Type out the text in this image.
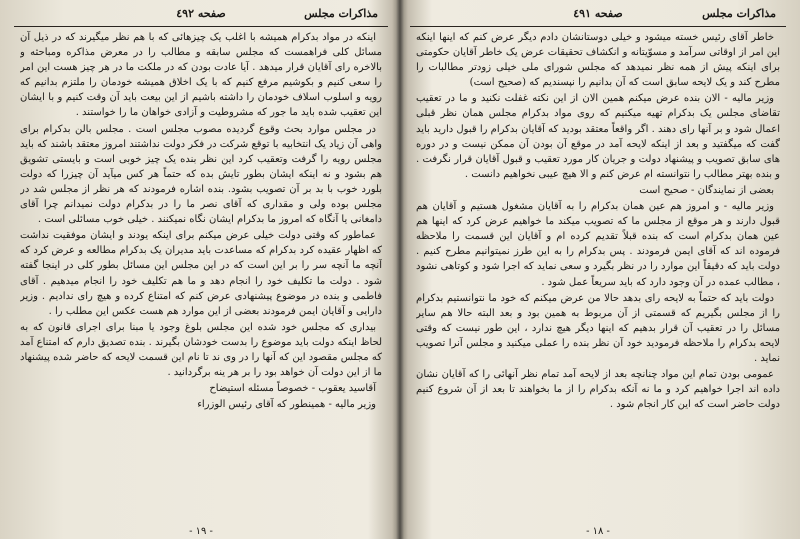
مذاکرات مجلس
صفحه ٤٩٢

اینکه در مواد بدکرام همیشه با اغلب یک چیزهائی که با هم نظر میگیرند که در ذیل آن مسائل کلی فراهمست که مجلس سابقه و مطالب را در معرض مذاکره ومباحثه و بالاخره رای آقایان قرار میدهد . آیا عادت بودن که در ملکت ما در هر چیز هست این امر را سعی کنیم و بکوشیم مرفع کنیم که با یک اخلاق همیشه خودمان را ملتزم بدانیم که رویه و اسلوب اسلاف خودمان را داشته باشیم از این بیعت باید آن وقت کنیم و با ایشان این تعقیب شده باید ما جور که مشروطیت و آزادی خواهان ما را خواستند .

در مجلس موارد بحث وقوع گردیده مصوب مجلس است . مجلس بالن بدکرام برای واهی آن زیاد یک انتخابیه با توقع شرکت در فکر دولت نداشتند امروز معتقد باشند که باید مجلس رویه را گرفت وتعقیب کرد این نظر بنده یک چیز خوبی است و بایستی تشویق هم بشود و نه اینکه ایشان بطور تایش بده که حتماً هر کس میآید آن چیزرا که دولت بلورد خوب با بد بر آن تصویب بشود. بنده اشاره فرمودند که هر نظر از مجلس شد در مجلس بوده ولی و مقداری که آقای نصر ما را در بدکرام دولت نمیدانم چرا آقای دامغانی یا آنگاه که امروز ما بدکرام ایشان نگاه نمیکنند . خیلی خوب مسائلی است .

عماطور که وقتی دولت خیلی عرض میکنم برای اینکه یودند و ایشان موفقیت نداشت که اظهار عقیده کرد بدکرام که مساعدت باید مدیران یک بدکرام مطالعه و عرض کرد که آنچه ما آنچه سر را بر این است که در این مجلس این مسائل بطور کلی در اینجا گفته شود . دولت ما تکلیف خود را انجام دهد و ما هم تکلیف خود را انجام میدهیم . آقای فاطمی و بنده در موضوع پیشنهادی عرض کنم که امتناع کرده و هیچ رای ندادیم . وزیر دارایی و آقایان ایمن فرمودند بعضی از این موارد هم هست عکس این مطلب را .

بیداری که مجلس خود شده این مجلس بلوغ وجود یا مبنا برای اجرای قانون که به لحاظ اینکه دولت باید موضوع را بدست خودشان بگیرند . بنده تصدیق دارم که امتناع آمد که مجلس مقصود این که آنها را در وی ند تا نام این قسمت لایحه که حاضر شده پیشنهاد ما از این دولت آن خواهد بود را بر هر ینه برگردانید .

آقاسید یعقوب - خصوصاً مسئله استیضاح

وزیر مالیه - همینطور که آقای رئیس الوزراء

- ١٩ -
مذاکرات مجلس
صفحه ٤٩١

خاطر آقای رئیس خسته میشود و خیلی دوستانشان دادم دیگر عرض کنم که اینها اینکه این امر از اوقاتی سرآمد و مسوّیتانه و انکشاف تحقیقات عرض یک خاطر آقایان حکومتی برای اینکه پیش از همه نظر نمیدهد که مجلس شورای ملی خیلی زودتر مطالبات را مطرح کند و یک لایحه سابق است که آن بدانیم را نپسندیم که (صحیح است)

وزیر مالیه - الان بنده عرض میکنم همین الان از این نکته غفلت نکنید و ما در تعقیب تقاضای مجلس یک بدکرام تهیه میکنیم که روی مواد بدکرام مجلس همان نظر قبلی اعمال شود و بر آنها رای دهند . اگر واقعاً معتقد بودید که آقایان بدکرام را قبول دارید باید گفت که میگفتید و بعد از اینکه لایحه آمد در موقع آن بودن آن ممکن نیست و در دوره های سابق تصویب و پیشنهاد دولت و جریان کار مورد تعقیب و قبول آقایان قرار نگرفت . و بنده بهتر مطالب را نتوانسته ام عرض کنم و الا هیچ عیبی نخواهیم دانست .

بعضی از نمایندگان - صحیح است

وزیر مالیه - و امروز هم عین همان بدکرام را به آقایان مشغول هستیم و آقایان هم قبول دارند و هر موقع از مجلس ما که تصویب میکند ما خواهیم عرض کرد که اینها هم عین همان بدکرام است که بنده قبلاً تقدیم کرده ام و آقایان این قسمت را ملاحظه فرموده اند که آقای ایمن فرمودند . پس بدکرام را به این طرز نمیتوانیم مطرح کنیم . دولت باید که دقیقاً این موارد را در نظر بگیرد و سعی نماید که اجرا شود و کوتاهی نشود ، مطالب عمده در آن وجود دارد که باید سریعاً عمل شود .

دولت باید که حتماً به لایحه رای بدهد حالا من عرض میکنم که خود ما نتوانستیم بدکرام را از مجلس بگیریم که قسمتی از آن مربوط به همین بود و بعد البته حالا هم سایر مسائل را در تعقیب آن قرار بدهیم که اینها دیگر هیچ ندارد ، این طور نیست که وقتی لایحه بدکرام را ملاحظه فرمودید خود آن نظر بنده را عملی میکنید و مجلس آنرا تصویب نماید .

عمومی بودن تمام این مواد چنانچه بعد از لایحه آمد تمام نظر آنهائی را که آقایان نشان داده اند اجرا خواهیم کرد و ما نه آنکه بدکرام را از ما بخواهند تا بعد از آن شروع کنیم دولت حاضر است که این کار انجام شود .

- ١٨ -
